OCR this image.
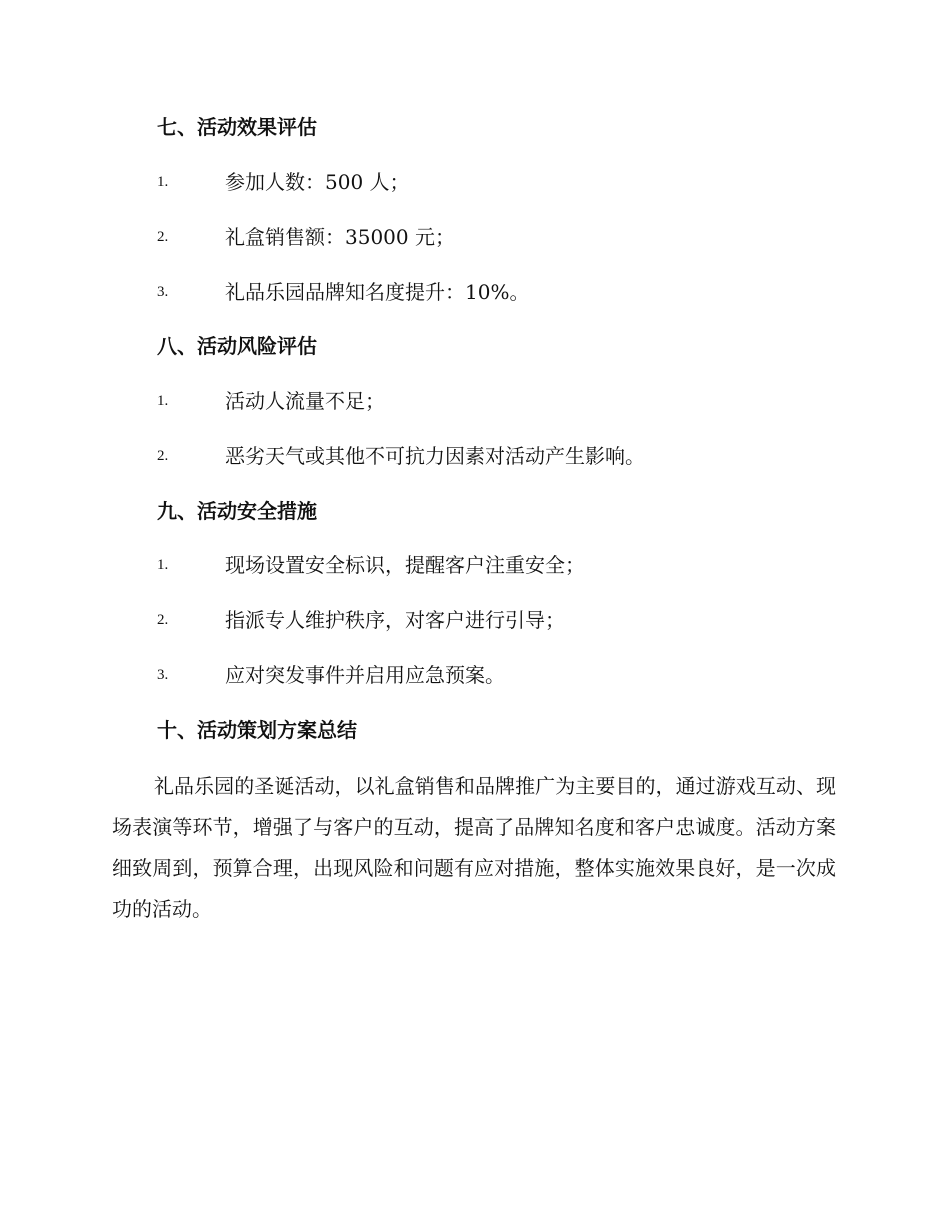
七、活动效果评估
1.	参加人数：500 人；
2.	礼盒销售额：35000 元；
3.	礼品乐园品牌知名度提升：10%。
八、活动风险评估
1.	活动人流量不足；
2.	恶劣天气或其他不可抗力因素对活动产生影响。
九、活动安全措施
1.	现场设置安全标识，提醒客户注重安全；
2.	指派专人维护秩序，对客户进行引导；
3.	应对突发事件并启用应急预案。
十、活动策划方案总结
礼品乐园的圣诞活动，以礼盒销售和品牌推广为主要目的，通过游戏互动、现场表演等环节，增强了与客户的互动，提高了品牌知名度和客户忠诚度。活动方案细致周到，预算合理，出现风险和问题有应对措施，整体实施效果良好，是一次成功的活动。
